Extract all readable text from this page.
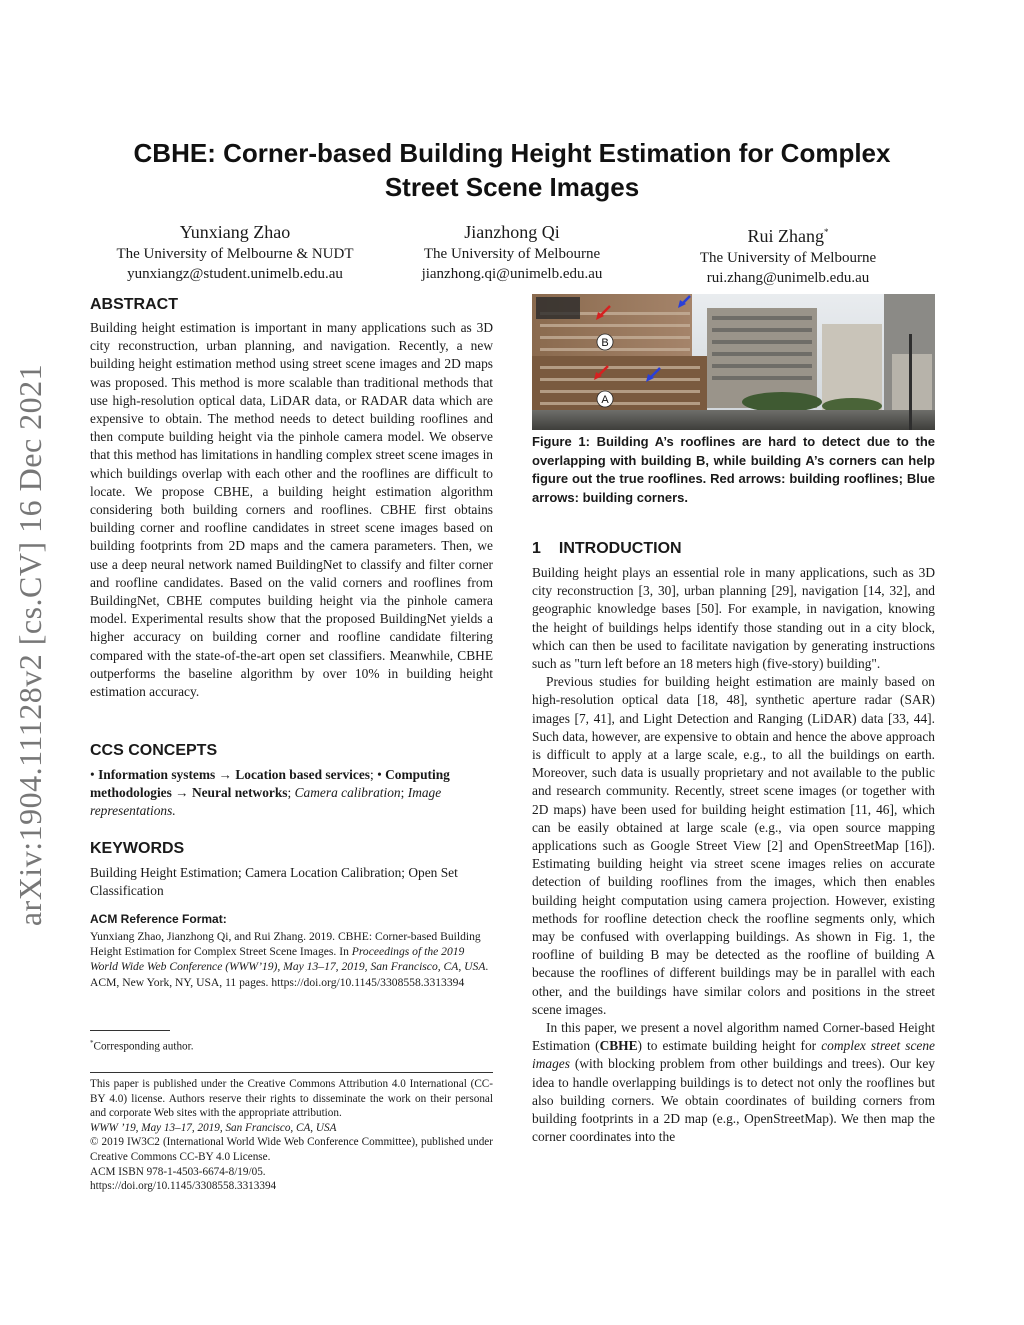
arXiv:1904.11128v2 [cs.CV] 16 Dec 2021
CBHE: Corner-based Building Height Estimation for Complex
Street Scene Images
Yunxiang Zhao
The University of Melbourne & NUDT
yunxiangz@student.unimelb.edu.au
Jianzhong Qi
The University of Melbourne
jianzhong.qi@unimelb.edu.au
Rui Zhang*
The University of Melbourne
rui.zhang@unimelb.edu.au
ABSTRACT

Building height estimation is important in many applications such as 3D city reconstruction, urban planning, and navigation. Recently, a new building height estimation method using street scene images and 2D maps was proposed. This method is more scalable than traditional methods that use high-resolution optical data, LiDAR data, or RADAR data which are expensive to obtain. The method needs to detect building rooflines and then compute building height via the pinhole camera model. We observe that this method has limitations in handling complex street scene images in which buildings overlap with each other and the rooflines are difficult to locate. We propose CBHE, a building height estimation algorithm considering both building corners and rooflines. CBHE first obtains building corner and roofline candidates in street scene images based on building footprints from 2D maps and the camera parameters. Then, we use a deep neural network named BuildingNet to classify and filter corner and roofline candidates. Based on the valid corners and rooflines from BuildingNet, CBHE computes building height via the pinhole camera model. Experimental results show that the proposed BuildingNet yields a higher accuracy on building corner and roofline candidate filtering compared with the state-of-the-art open set classifiers. Meanwhile, CBHE outperforms the baseline algorithm by over 10% in building height estimation accuracy.

CCS CONCEPTS

• Information systems → Location based services; • Computing methodologies → Neural networks; Camera calibration; Image representations.

KEYWORDS

Building Height Estimation; Camera Location Calibration; Open Set Classification

ACM Reference Format:

Yunxiang Zhao, Jianzhong Qi, and Rui Zhang. 2019. CBHE: Corner-based Building Height Estimation for Complex Street Scene Images. In Proceedings of the 2019 World Wide Web Conference (WWW’19), May 13–17, 2019, San Francisco, CA, USA. ACM, New York, NY, USA, 11 pages. https://doi.org/10.1145/3308558.3313394

*Corresponding author.

This paper is published under the Creative Commons Attribution 4.0 International (CC-BY 4.0) license. Authors reserve their rights to disseminate the work on their personal and corporate Web sites with the appropriate attribution.

WWW ’19, May 13–17, 2019, San Francisco, CA, USA

© 2019 IW3C2 (International World Wide Web Conference Committee), published under Creative Commons CC-BY 4.0 License.

ACM ISBN 978-1-4503-6674-8/19/05.

https://doi.org/10.1145/3308558.3313394

B
A

Figure 1: Building A’s rooflines are hard to detect due to the overlapping with building B, while building A’s corners can help figure out the true rooflines. Red arrows: building rooflines; Blue arrows: building corners.

1 INTRODUCTION

Building height plays an essential role in many applications, such as 3D city reconstruction [3, 30], urban planning [29], navigation [14, 32], and geographic knowledge bases [50]. For example, in navigation, knowing the height of buildings helps identify those standing out in a city block, which can then be used to facilitate navigation by generating instructions such as "turn left before an 18 meters high (five-story) building".

Previous studies for building height estimation are mainly based on high-resolution optical data [18, 48], synthetic aperture radar (SAR) images [7, 41], and Light Detection and Ranging (LiDAR) data [33, 44]. Such data, however, are expensive to obtain and hence the above approach is difficult to apply at a large scale, e.g., to all the buildings on earth. Moreover, such data is usually proprietary and not available to the public and research community. Recently, street scene images (or together with 2D maps) have been used for building height estimation [11, 46], which can be easily obtained at large scale (e.g., via open source mapping applications such as Google Street View [2] and OpenStreetMap [16]). Estimating building height via street scene images relies on accurate detection of building rooflines from the images, which then enables building height computation using camera projection. However, existing methods for roofline detection check the roofline segments only, which may be confused with overlapping buildings. As shown in Fig. 1, the roofline of building B may be detected as the roofline of building A because the rooflines of different buildings may be in parallel with each other, and the buildings have similar colors and positions in the street scene images.

In this paper, we present a novel algorithm named Corner-based Height Estimation (CBHE) to estimate building height for complex street scene images (with blocking problem from other buildings and trees). Our key idea to handle overlapping buildings is to detect not only the rooflines but also building corners. We obtain coordinates of building corners from building footprints in a 2D map (e.g., OpenStreetMap). We then map the corner coordinates into the
